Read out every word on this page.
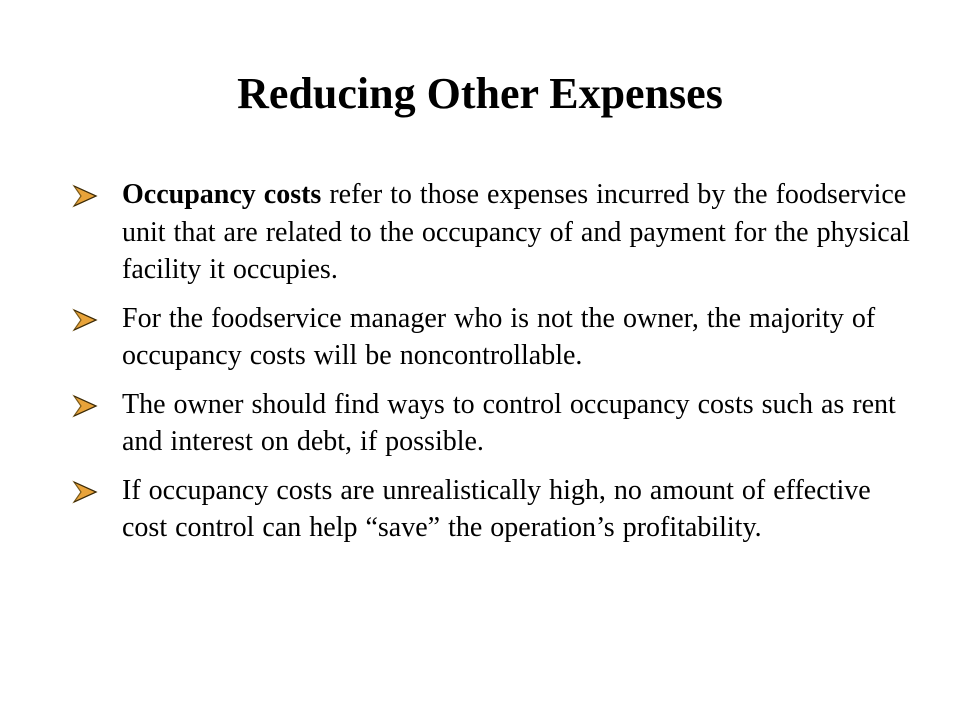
Reducing Other Expenses
Occupancy costs refer to those expenses incurred by the foodservice unit that are related to the occupancy of and payment for the physical facility it occupies.
For the foodservice manager who is not the owner, the majority of occupancy costs will be noncontrollable.
The owner should find ways to control occupancy costs such as rent and interest on debt, if possible.
If occupancy costs are unrealistically high, no amount of effective cost control can help “save” the operation’s profitability.
